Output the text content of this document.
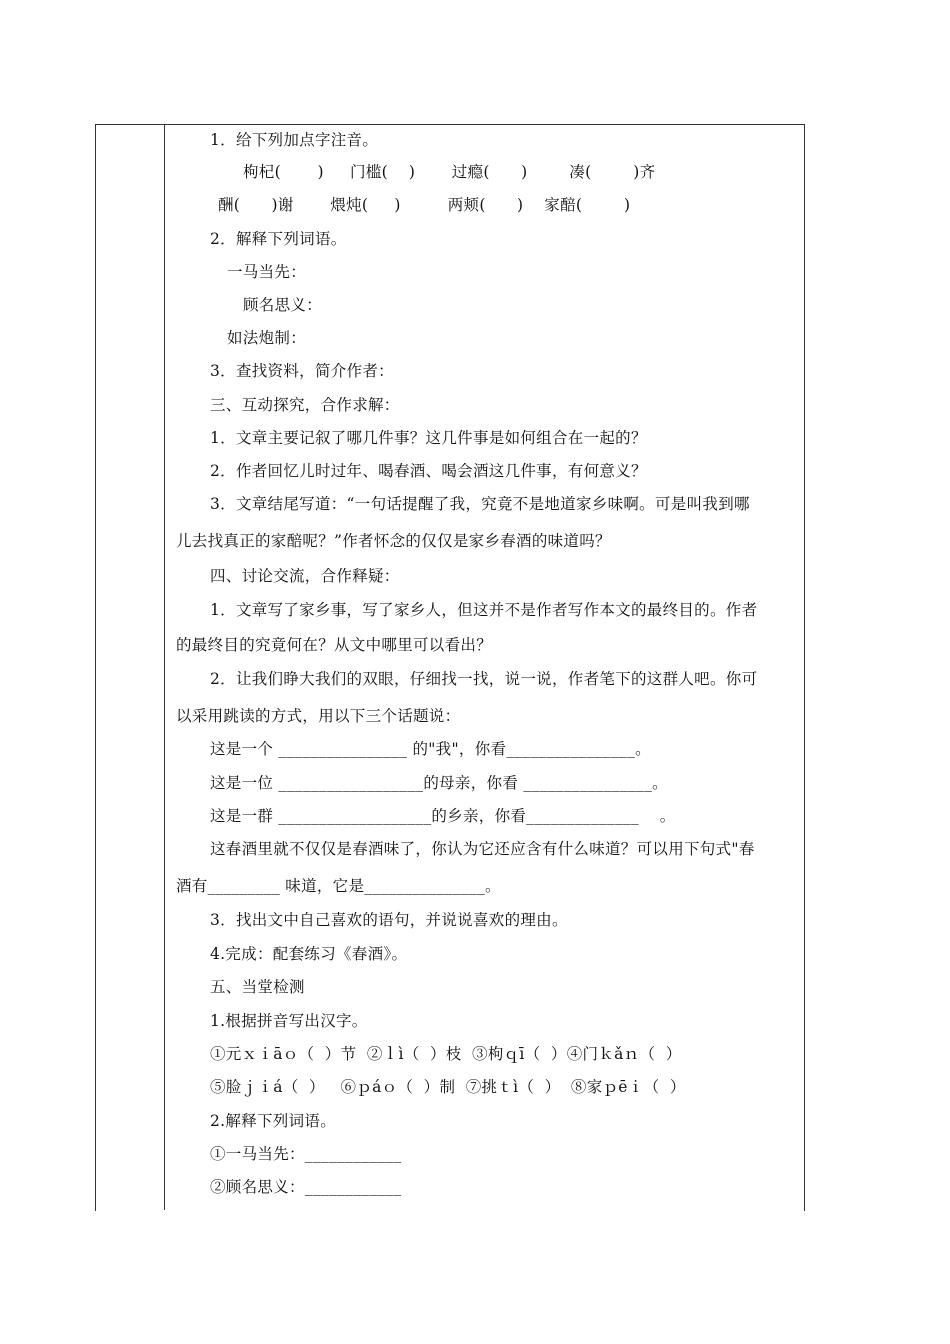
1．给下列加点字注音。
枸杞(       )     门槛(    )       过瘾(      )        凑(        )齐
酬(      )谢       煨炖(     )         两颊(      )    家醅(        )
2．解释下列词语。
一马当先：
顾名思义：
如法炮制：
3．查找资料，简介作者：
三、互动探究，合作求解：
1．文章主要记叙了哪几件事？这几件事是如何组合在一起的？
2．作者回忆儿时过年、喝春酒、喝会酒这几件事，有何意义？
3．文章结尾写道：“一句话提醒了我，究竟不是地道家乡味啊。可是叫我到哪
儿去找真正的家醅呢？”作者怀念的仅仅是家乡春酒的味道吗？
四、讨论交流，合作释疑：
1．文章写了家乡事，写了家乡人，但这并不是作者写作本文的最终目的。作者
的最终目的究竟何在？从文中哪里可以看出？
2．让我们睁大我们的双眼，仔细找一找，说一说，作者笔下的这群人吧。你可
以采用跳读的方式，用以下三个话题说：
这是一个 ________________ 的"我"，你看________________。
这是一位 __________________的母亲，你看 ________________。
这是一群 ___________________的乡亲，你看______________    。
这春酒里就不仅仅是春酒味了，你认为它还应含有什么味道？可以用下句式"春
酒有_________ 味道，它是_______________。
3．找出文中自己喜欢的语句，并说说喜欢的理由。
4.完成：配套练习《春酒》。
五、当堂检测
1.根据拼音写出汉字。
①元ｘｉāｏ（  ）节  ②ｌì（  ）枝  ③枸ｑī（  ）④门ｋǎｎ（  ）
⑤脸ｊｉá（  ）   ⑥ｐáｏ（  ）制  ⑦挑ｔì（  ）  ⑧家ｐēｉ（  ）
2.解释下列词语。
①一马当先：____________
②顾名思义：____________
